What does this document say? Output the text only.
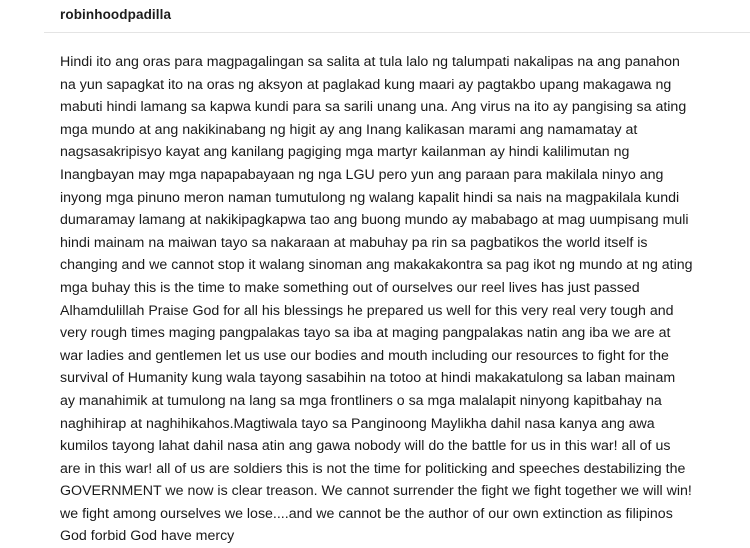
robinhoodpadilla
Hindi ito ang oras para magpagalingan sa salita at tula lalo ng talumpati nakalipas na ang panahon na yun sapagkat ito na oras ng aksyon at paglakad kung maari ay pagtakbo upang makagawa ng mabuti hindi lamang sa kapwa kundi para sa sarili unang una. Ang virus na ito ay pangising sa ating mga mundo at ang nakikinabang ng higit ay ang Inang kalikasan marami ang namamatay at nagsasakripisyo kayat ang kanilang pagiging mga martyr kailanman ay hindi kalilimutan ng Inangbayan may mga napapabayaan ng nga LGU pero yun ang paraan para makilala ninyo ang inyong mga pinuno meron naman tumutulong ng walang kapalit hindi sa nais na magpakilala kundi dumaramay lamang at nakikipagkapwa tao ang buong mundo ay mababago at mag uumpisang muli hindi mainam na maiwan tayo sa nakaraan at mabuhay pa rin sa pagbatikos the world itself is changing and we cannot stop it walang sinoman ang makakakontra sa pag ikot ng mundo at ng ating mga buhay this is the time to make something out of ourselves our reel lives has just passed Alhamdulillah Praise God for all his blessings he prepared us well for this very real very tough and very rough times maging pangpalakas tayo sa iba at maging pangpalakas natin ang iba we are at war ladies and gentlemen let us use our bodies and mouth including our resources to fight for the survival of Humanity kung wala tayong sasabihin na totoo at hindi makakatulong sa laban mainam ay manahimik at tumulong na lang sa mga frontliners o sa mga malalapit ninyong kapitbahay na naghihirap at naghihikahos.Magtiwala tayo sa Panginoong Maylikha dahil nasa kanya ang awa kumilos tayong lahat dahil nasa atin ang gawa nobody will do the battle for us in this war! all of us are in this war! all of us are soldiers this is not the time for politicking and speeches destabilizing the GOVERNMENT we now is clear treason. We cannot surrender the fight we fight together we will win! we fight among ourselves we lose....and we cannot be the author of our own extinction as filipinos God forbid God have mercy
